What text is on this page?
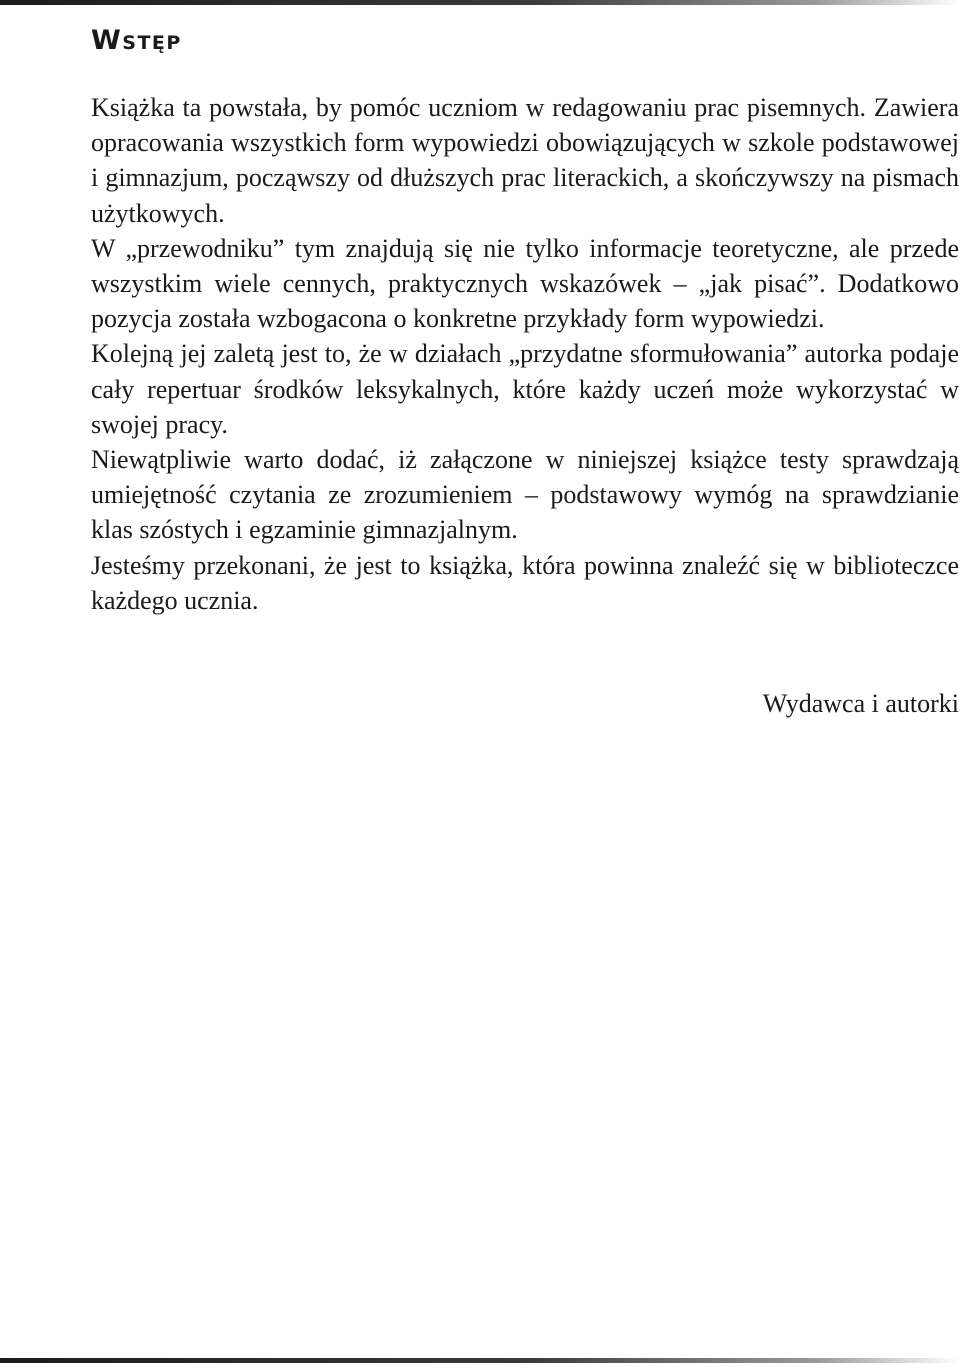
Wstęp

Książka ta powstała, by pomóc uczniom w redagowaniu prac pisemnych. Zawiera opracowania wszystkich form wypowiedzi obowiązujących w szkole podstawowej i gimnazjum, począwszy od dłuższych prac literackich, a skończywszy na pismach użytkowych.

W „przewodniku” tym znajdują się nie tylko informacje teoretyczne, ale przede wszystkim wiele cennych, praktycznych wskazówek – „jak pisać”. Dodatkowo pozycja została wzbogacona o konkretne przykłady form wypowiedzi.

Kolejną jej zaletą jest to, że w działach „przydatne sformułowania” autorka podaje cały repertuar środków leksykalnych, które każdy uczeń może wykorzystać w swojej pracy.

Niewątpliwie warto dodać, iż załączone w niniejszej książce testy sprawdzają umiejętność czytania ze zrozumieniem – podstawowy wymóg na sprawdzianie klas szóstych i egzaminie gimnazjalnym.

Jesteśmy przekonani, że jest to książka, która powinna znaleźć się w biblioteczce każdego ucznia.

Wydawca i autorki
